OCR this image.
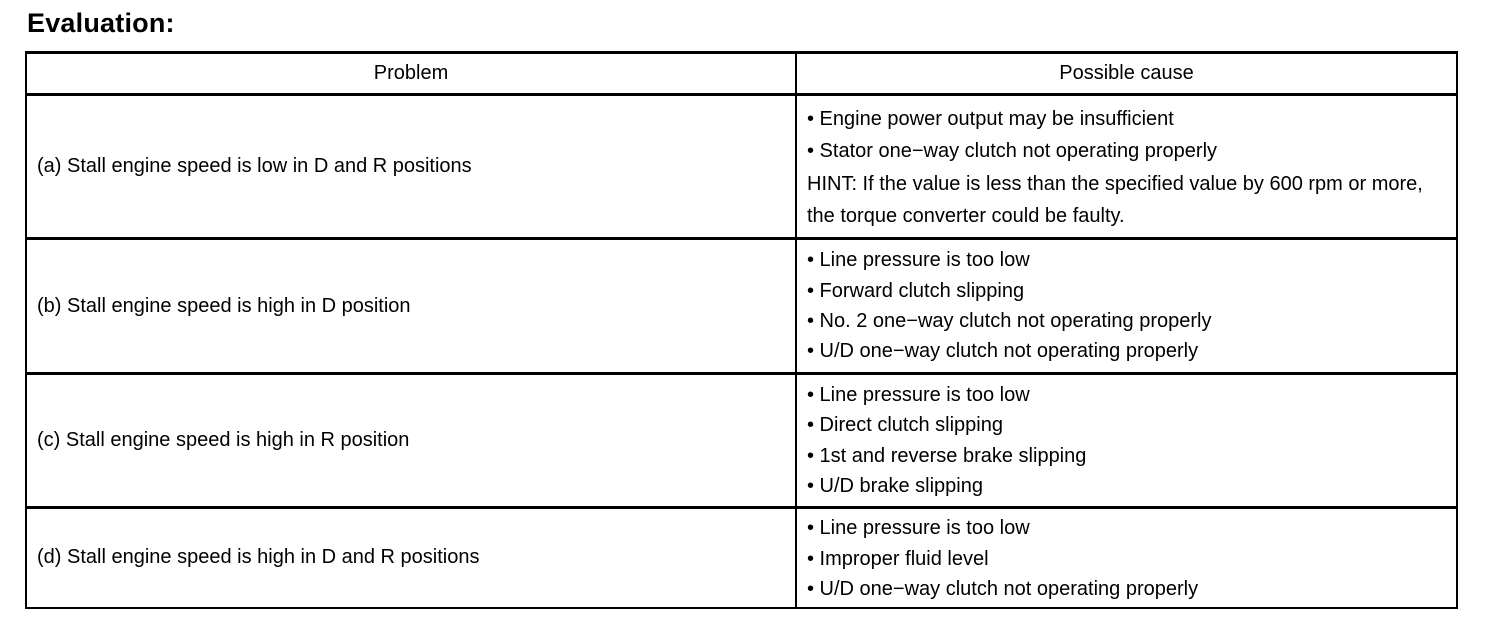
Evaluation:
Problem	Possible cause
(a) Stall engine speed is low in D and R positions	• Engine power output may be insufficient
• Stator one−way clutch not operating properly
HINT: If the value is less than the specified value by 600 rpm or more, the torque converter could be faulty.

(b) Stall engine speed is high in D position	• Line pressure is too low
• Forward clutch slipping
• No. 2 one−way clutch not operating properly
• U/D one−way clutch not operating properly

(c) Stall engine speed is high in R position	• Line pressure is too low
• Direct clutch slipping
• 1st and reverse brake slipping
• U/D brake slipping

(d) Stall engine speed is high in D and R positions	• Line pressure is too low
• Improper fluid level
• U/D one−way clutch not operating properly
